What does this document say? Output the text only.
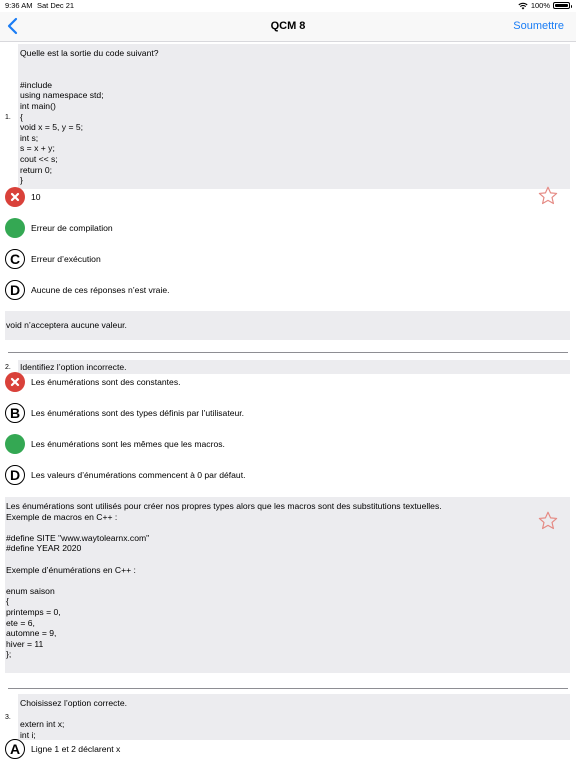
9:36 AM Sat Dec 21	100%
QCM 8	Soumettre
Quelle est la sortie du code suivant?

#include
using namespace std;
int main()
{
void x = 5, y = 5;
int s;
s = x + y;
cout << s;
return 0;
}
1.
10
Erreur de compilation
C	Erreur d’exécution
D	Aucune de ces réponses n’est vraie.
void n’acceptera aucune valeur.
Identifiez l’option incorrecte.
2.
Les énumérations sont des constantes.
B	Les énumérations sont des types définis par l’utilisateur.
Les énumérations sont les mêmes que les macros.
D	Les valeurs d’énumérations commencent à 0 par défaut.
Les énumérations sont utilisés pour créer nos propres types alors que les macros sont des substitutions textuelles.
Exemple de macros en C++ :

#define SITE "www.waytolearnx.com"
#define YEAR 2020

Exemple d’énumérations en C++ :

enum saison
{
printemps = 0,
ete = 6,
automne = 9,
hiver = 11
};
Choisissez l’option correcte.

extern int x;
int i;
3.
A	Ligne 1 et 2 déclarent x
